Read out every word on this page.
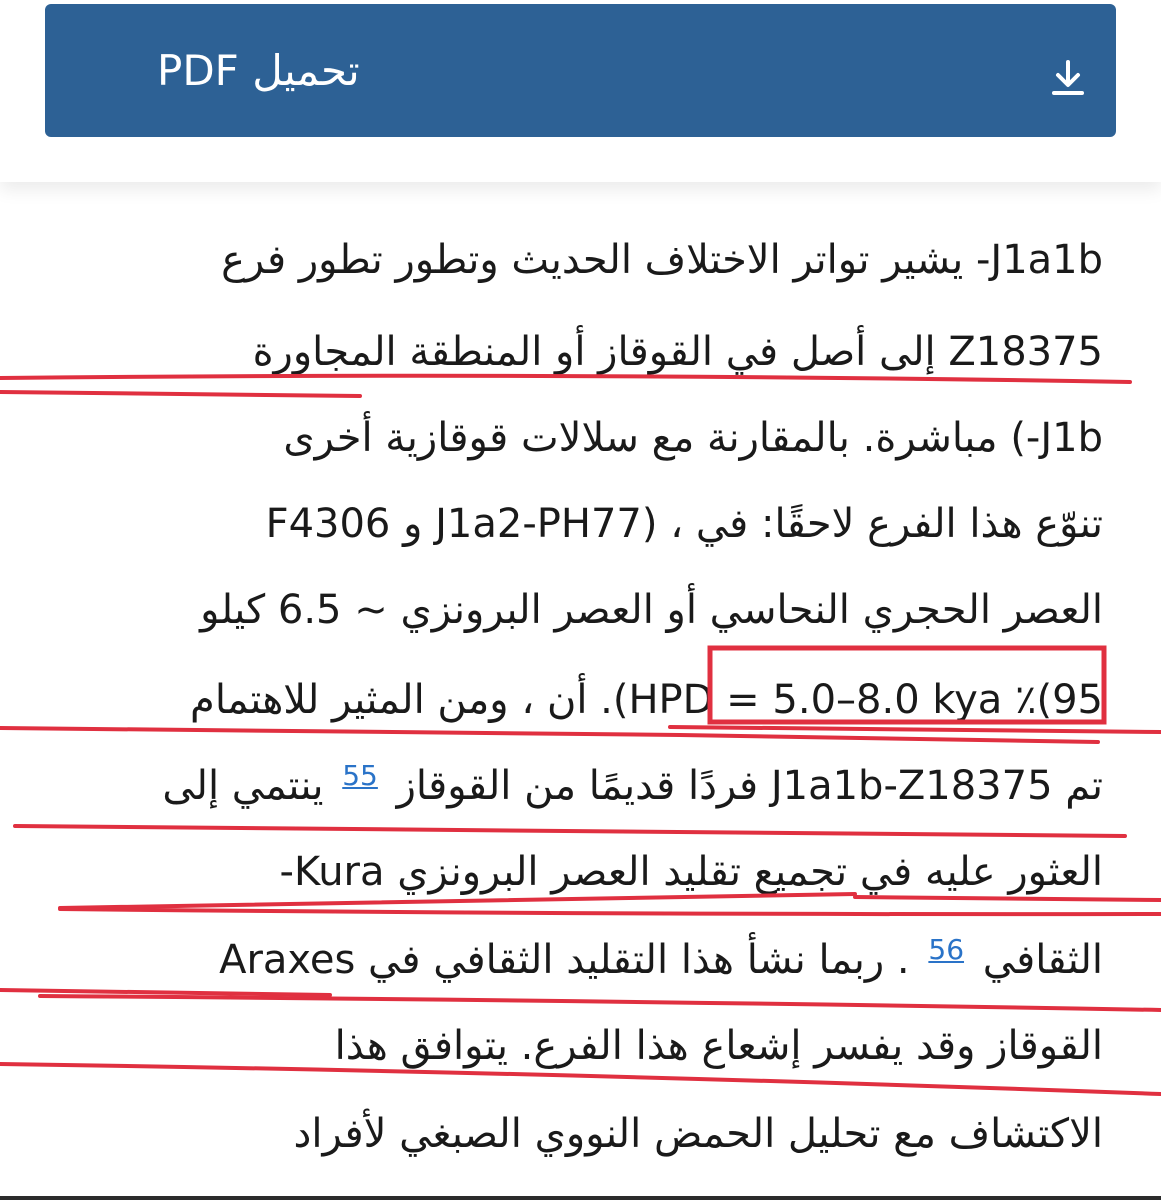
PDF تحميل
J1a1b- يشير تواتر الاختلاف الحديث وتطور تطور فرع
Z18375 إلى أصل في القوقاز أو المنطقة المجاورة
J1b-) مباشرة. بالمقارنة مع سلالات قوقازية أخرى
تنوّع هذا الفرع لاحقًا: في ، (J1a2-PH77 و F4306
العصر الحجري النحاسي أو العصر البرونزي ~ 6.5 كيلو
95)٪ HPD = 5.0–8.0 kya). أن ، ومن المثير للاهتمام
تم J1a1b-Z18375 فردًا قديمًا من القوقاز $^{55}$ ينتمي إلى
العثور عليه في تجميع تقليد العصر البرونزي Kura-
الثقافي $^{56}$ . ربما نشأ هذا التقليد الثقافي في Araxes
القوقاز وقد يفسر إشعاع هذا الفرع. يتوافق هذا
الاكتشاف مع تحليل الحمض النووي الصبغي لأفراد
